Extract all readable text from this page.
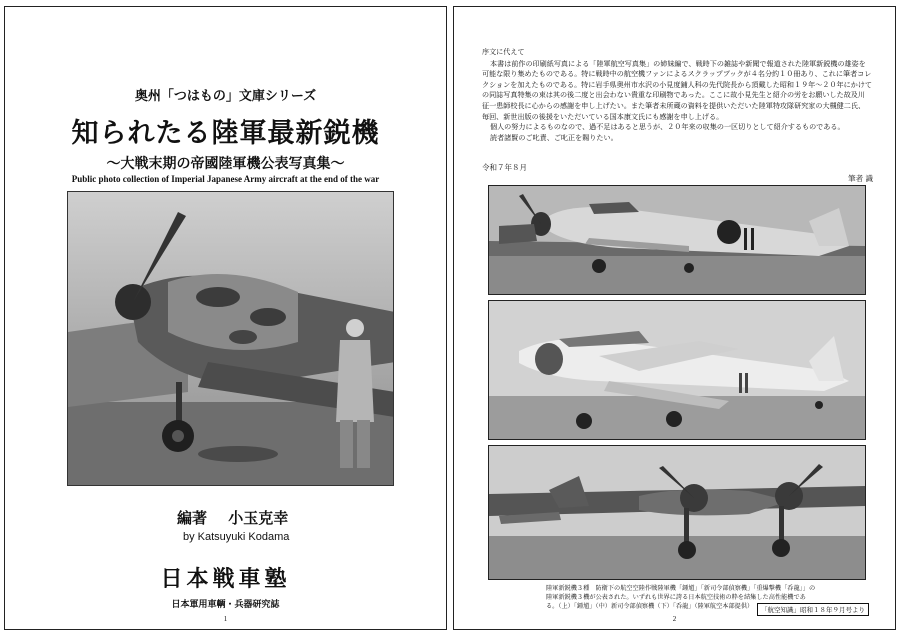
奥州「つはもの」文庫シリーズ
知られたる陸軍最新鋭機
～大戦末期の帝國陸軍機公表写真集～
Public photo collection of Imperial Japanese Army aircraft at the end of the war
編著 小玉克幸
by Katsuyuki Kodama
日本戦車塾
日本軍用車輌・兵器研究誌
1
序文に代えて

本書は前作の印刷紙写真による「陸軍航空写真集」の姉妹編で、戦時下の雑誌や新聞で報道された陸軍新鋭機の雄姿を可能な限り集めたものである。特に戦時中の航空機ファンによるスクラップブックが４名分約１０冊あり、これに筆者コレクションを加えたものである。特に岩手県奥州市水沢の小見度鋪人科の先代院長から頂戴した昭和１９年～２０年にかけての同誌写真特集の束は其の後二度と出会わない貴重な印刷物であった。ここに故小見先生と紹介の労をお願いした故及川征一患師校長に心からの感謝を申し上げたい。また筆者未所蔵の資料を提供いただいた陸軍特攻隊研究家の大槻健二氏、毎回、新世出版の後援をいただいている国本康文氏にも感謝を申し上げる。

個人の努力によるものなので、過不足はあると思うが、２０年来の収集の一区切りとして紹介するものである。

読者諸賢のご叱責、ご叱正を賜りたい。

令和７年８月
筆者 識
陸軍新鋭機３種　防衛下の航空空陸作戦陸軍機「鍾馗」「新司令部偵察機」「重爆撃機「呑龍」」の陸軍新鋭機３機が公表された。いずれも世界に誇る日本航空技術の粋を結集した高性能機である。（上）「鍾馗」（中）新司令部偵察機（下）「呑龍」（陸軍航空本部提供）	「航空知識」昭和１８年９月号より
2
